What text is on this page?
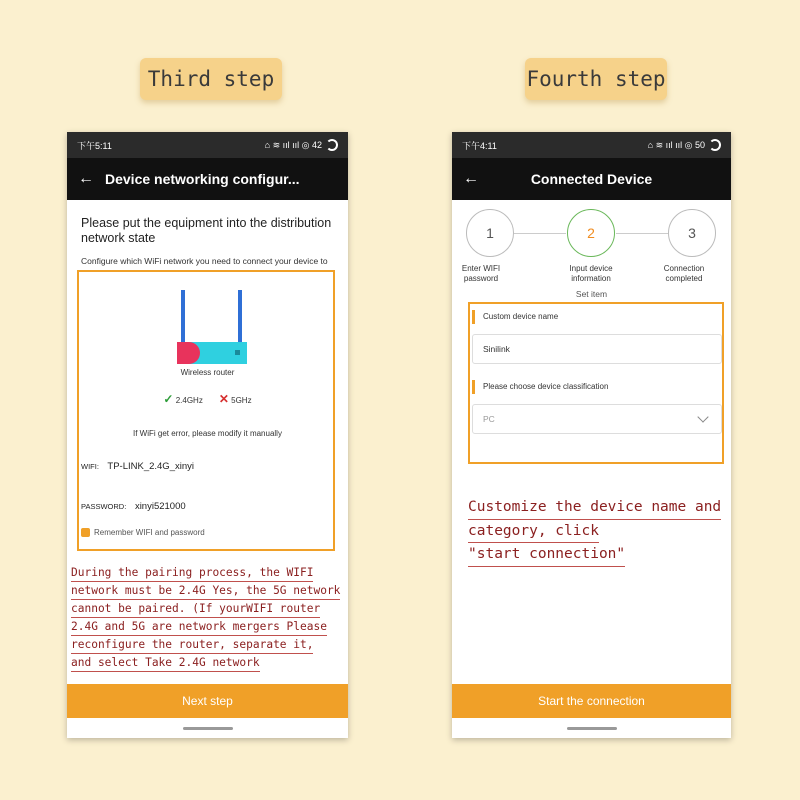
Third step	Fourth step
下午5:11	⌂ ≋ ııl ııl ◎ 42
← Device networking configur...
Please put the equipment into the distribution network state
Configure which WiFi network you need to connect your device to
Wireless router
✓ 2.4GHz ✕ 5GHz
If WiFi get error, please modify it manually
WIFI: TP-LINK_2.4G_xinyi
PASSWORD: xinyi521000
Remember WIFI and password
During the pairing process, the WIFI
network must be 2.4G Yes, the 5G network
cannot be paired. (If yourWIFI router
2.4G and 5G are network mergers Please
reconfigure the router, separate it,
and select Take 2.4G network
Next step
下午4:11	⌂ ≋ ııl ııl ◎ 50
←	Connected Device
1	2	3
Enter WIFI password
Input device information
Connection completed
Set item
Custom device name
Sinilink
Please choose device classification
PC
Start the connection
Customize the device name and
category, click
"start connection"
